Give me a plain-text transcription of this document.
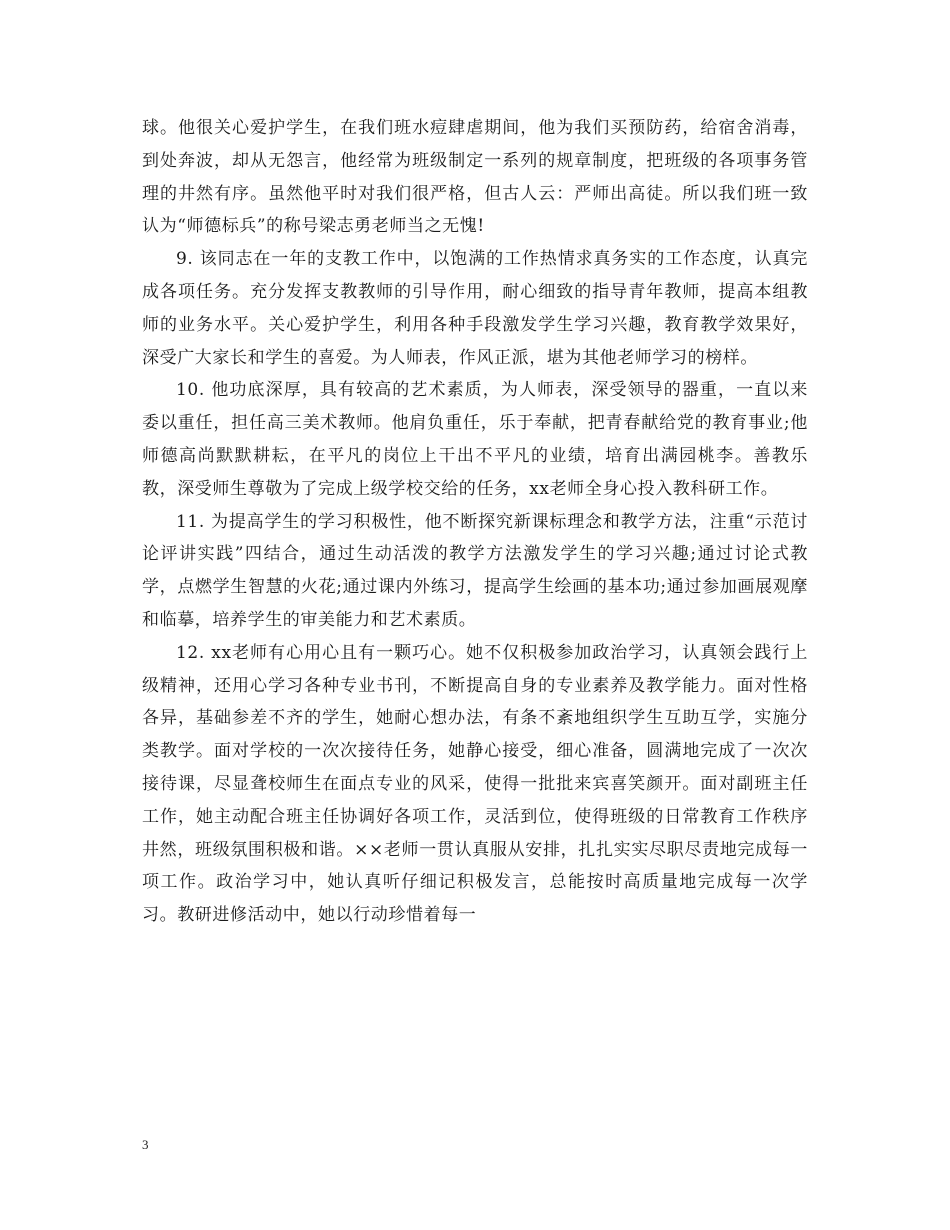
球。他很关心爱护学生，在我们班水痘肆虐期间，他为我们买预防药，给宿舍消毒，到处奔波，却从无怨言，他经常为班级制定一系列的规章制度，把班级的各项事务管理的井然有序。虽然他平时对我们很严格，但古人云：严师出高徒。所以我们班一致认为“师德标兵”的称号梁志勇老师当之无愧!

9. 该同志在一年的支教工作中，以饱满的工作热情求真务实的工作态度，认真完成各项任务。充分发挥支教教师的引导作用，耐心细致的指导青年教师，提高本组教师的业务水平。关心爱护学生，利用各种手段激发学生学习兴趣，教育教学效果好，深受广大家长和学生的喜爱。为人师表，作风正派，堪为其他老师学习的榜样。

10. 他功底深厚，具有较高的艺术素质，为人师表，深受领导的器重，一直以来委以重任，担任高三美术教师。他肩负重任，乐于奉献，把青春献给党的教育事业;他师德高尚默默耕耘，在平凡的岗位上干出不平凡的业绩，培育出满园桃李。善教乐教，深受师生尊敬为了完成上级学校交给的任务，xx老师全身心投入教科研工作。

11. 为提高学生的学习积极性，他不断探究新课标理念和教学方法，注重“示范讨论评讲实践”四结合，通过生动活泼的教学方法激发学生的学习兴趣;通过讨论式教学，点燃学生智慧的火花;通过课内外练习，提高学生绘画的基本功;通过参加画展观摩和临摹，培养学生的审美能力和艺术素质。

12. xx老师有心用心且有一颗巧心。她不仅积极参加政治学习，认真领会践行上级精神，还用心学习各种专业书刊，不断提高自身的专业素养及教学能力。面对性格各异，基础参差不齐的学生，她耐心想办法，有条不紊地组织学生互助互学，实施分类教学。面对学校的一次次接待任务，她静心接受，细心准备，圆满地完成了一次次接待课，尽显聋校师生在面点专业的风采，使得一批批来宾喜笑颜开。面对副班主任工作，她主动配合班主任协调好各项工作，灵活到位，使得班级的日常教育工作秩序井然，班级氛围积极和谐。××老师一贯认真服从安排，扎扎实实尽职尽责地完成每一项工作。政治学习中，她认真听仔细记积极发言，总能按时高质量地完成每一次学习。教研进修活动中，她以行动珍惜着每一

3
